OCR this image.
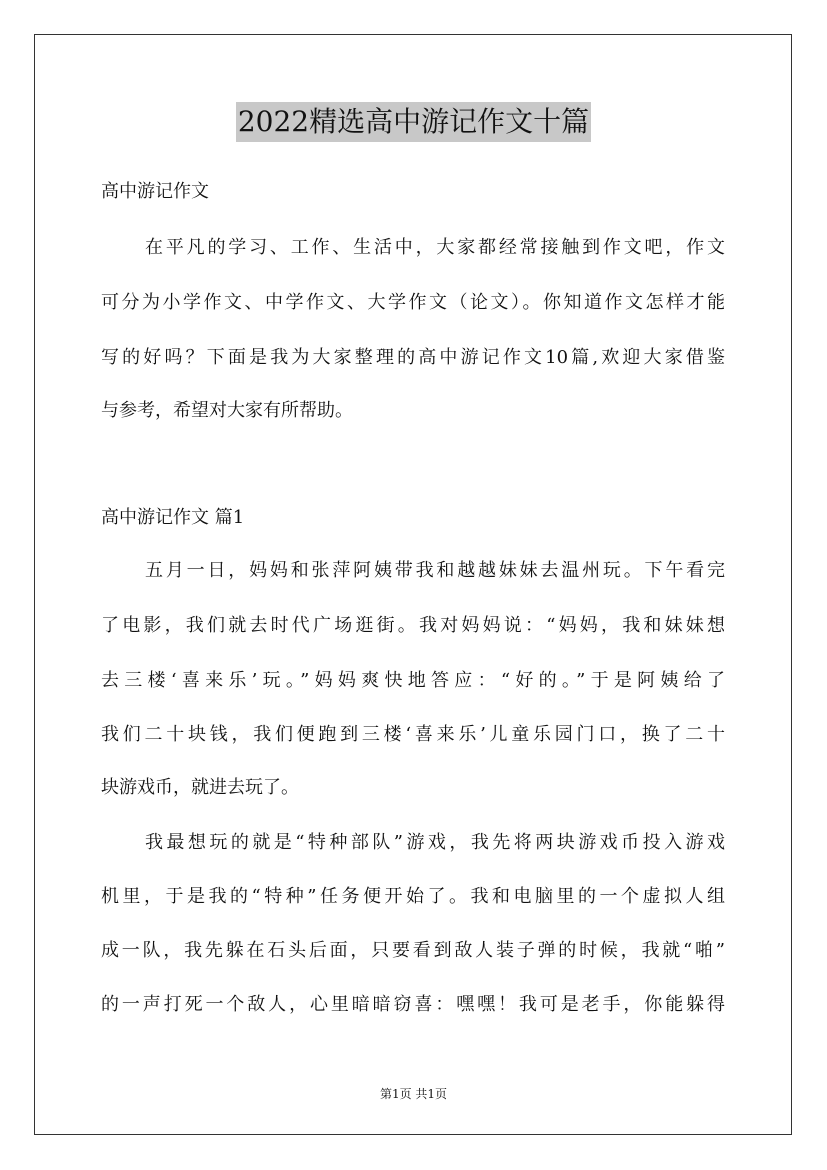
2022精选高中游记作文十篇
高中游记作文
在平凡的学习、工作、生活中，大家都经常接触到作文吧，作文
可分为小学作文、中学作文、大学作文（论文）。你知道作文怎样才能
写的好吗？下面是我为大家整理的高中游记作文10篇,欢迎大家借鉴
与参考，希望对大家有所帮助。
高中游记作文 篇1
五月一日，妈妈和张萍阿姨带我和越越妹妹去温州玩。下午看完
了电影，我们就去时代广场逛街。我对妈妈说：“妈妈，我和妹妹想
去三楼‘喜来乐’玩。”妈妈爽快地答应：“好的。”于是阿姨给了
我们二十块钱，我们便跑到三楼‘喜来乐’儿童乐园门口，换了二十
块游戏币，就进去玩了。
我最想玩的就是“特种部队”游戏，我先将两块游戏币投入游戏
机里，于是我的“特种”任务便开始了。我和电脑里的一个虚拟人组
成一队，我先躲在石头后面，只要看到敌人装子弹的时候，我就“啪”
的一声打死一个敌人，心里暗暗窃喜：嘿嘿！我可是老手，你能躲得
第1页 共1页
